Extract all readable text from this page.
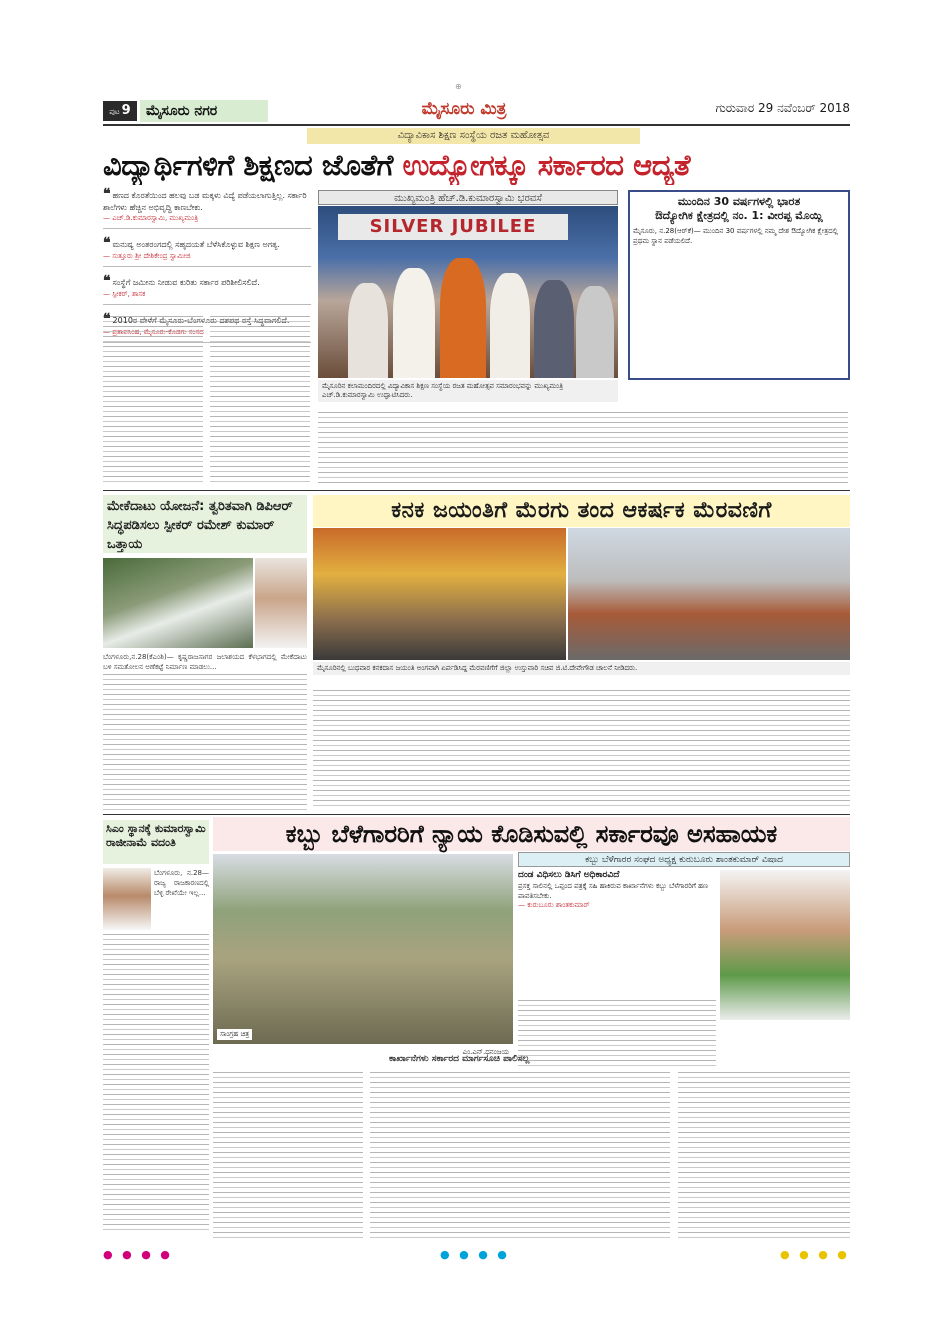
⊕
ಪುಟ 9	ಮೈಸೂರು ನಗರ	ಮೈಸೂರು ಮಿತ್ರ	ಗುರುವಾರ 29 ನವೆಂಬರ್ 2018
ವಿದ್ಯಾವಿಕಾಸ ಶಿಕ್ಷಣ ಸಂಸ್ಥೆಯ ರಜತ ಮಹೋತ್ಸವ
ವಿದ್ಯಾರ್ಥಿಗಳಿಗೆ ಶಿಕ್ಷಣದ ಜೊತೆಗೆ ಉದ್ಯೋಗಕ್ಕೂ ಸರ್ಕಾರದ ಆದ್ಯತೆ
❝ ಹಣದ ಕೊರತೆಯಿಂದ ಹಲವು ಬಡ ಮಕ್ಕಳು ವಿದ್ಯೆ ಪಡೆಯಲಾಗುತ್ತಿಲ್ಲ. ಸರ್ಕಾರಿ ಶಾಲೆಗಳು ಹೆಚ್ಚಿನ ಅಭಿವೃದ್ಧಿ ಕಾಣಬೇಕು.
— ಎಚ್.ಡಿ.ಕುಮಾರಸ್ವಾಮಿ, ಮುಖ್ಯಮಂತ್ರಿ
❝ ಮನುಷ್ಯ ಅಂತರಂಗದಲ್ಲಿ ಸಹೃದಯತೆ ಬೆಳೆಸಿಕೊಳ್ಳುವ ಶಿಕ್ಷಣ ಅಗತ್ಯ.
— ಸುತ್ತೂರು ಶ್ರೀ ದೇಶಿಕೇಂದ್ರ ಸ್ವಾಮೀಜಿ
❝ ಸಂಸ್ಥೆಗೆ ಜಮೀನು ನೀಡುವ ಕುರಿತು ಸರ್ಕಾರ ಪರಿಶೀಲಿಸಲಿದೆ.
— ಸ್ಪೀಕರ್, ಶಾಸಕ
❝ 2010ರ ವೇಳೆಗೆ ಮೈಸೂರು-ಬೆಂಗಳೂರು ದಶಪಥ ರಸ್ತೆ ಸಿದ್ಧವಾಗಲಿದೆ.
— ಪ್ರತಾಪಸಿಂಹ, ಮೈಸೂರು-ಕೊಡಗು ಸಂಸದ
ಮುಖ್ಯಮಂತ್ರಿ ಹೆಚ್.ಡಿ.ಕುಮಾರಸ್ವಾಮಿ ಭರವಸೆ
SILVER JUBILEE
ಮೈಸೂರಿನ ಕಲಾಮಂದಿರದಲ್ಲಿ ವಿದ್ಯಾವಿಕಾಸ ಶಿಕ್ಷಣ ಸಂಸ್ಥೆಯ ರಜತ ಮಹೋತ್ಸವ ಸಮಾರಂಭವನ್ನು ಮುಖ್ಯಮಂತ್ರಿ ಎಚ್.ಡಿ.ಕುಮಾರಸ್ವಾಮಿ ಉದ್ಘಾಟಿಸಿದರು.
ಮುಂದಿನ 30 ವರ್ಷಗಳಲ್ಲಿ ಭಾರತ
ಔದ್ಯೋಗಿಕ ಕ್ಷೇತ್ರದಲ್ಲಿ ನಂ. 1: ವೀರಪ್ಪ ಮೊಯ್ಲಿ
ಮೈಸೂರು, ನ.28(ಆರ್‌ಕೆ)— ಮುಂದಿನ 30 ವರ್ಷಗಳಲ್ಲಿ ನಮ್ಮ ದೇಶ ಔದ್ಯೋಗಿಕ ಕ್ಷೇತ್ರದಲ್ಲಿ ಪ್ರಥಮ ಸ್ಥಾನ ಪಡೆಯಲಿದೆ.
ಮೇಕೆದಾಟು ಯೋಜನೆ: ತ್ವರಿತವಾಗಿ ಡಿಪಿಆರ್ ಸಿದ್ಧಪಡಿಸಲು ಸ್ಪೀಕರ್ ರಮೇಶ್ ಕುಮಾರ್ ಒತ್ತಾಯ
ಬೆಂಗಳೂರು,ನ.28(ಕೆಎಂಶಿ)— ಕೃಷ್ಣರಾಜಸಾಗರ ಜಲಾಶಯದ ಕೆಳಭಾಗದಲ್ಲಿ ಮೇಕೆದಾಟು ಬಳಿ ಸಮತೋಲನ ಅಣೆಕಟ್ಟೆ ನಿರ್ಮಾಣ ಮಾಡಲು...
ಕನಕ ಜಯಂತಿಗೆ ಮೆರಗು ತಂದ ಆಕರ್ಷಕ ಮೆರವಣಿಗೆ
ಮೈಸೂರಿನಲ್ಲಿ ಬುಧವಾರ ಕನಕದಾಸ ಜಯಂತಿ ಅಂಗವಾಗಿ ಏರ್ಪಡಿಸಿದ್ದ ಮೆರವಣಿಗೆಗೆ ಜಿಲ್ಲಾ ಉಸ್ತುವಾರಿ ಸಚಿವ ಜಿ.ಟಿ.ದೇವೇಗೌಡ ಚಾಲನೆ ನೀಡಿದರು.
ಸಿಎಂ ಸ್ಥಾನಕ್ಕೆ ಕುಮಾರಸ್ವಾಮಿ ರಾಜೀನಾಮೆ ವದಂತಿ
ಬೆಂಗಳೂರು, ನ.28— ರಾಜ್ಯ ರಾಜಕಾರಣದಲ್ಲಿ ಬೆಳ್ಳಿ ರೇಖೆಯೇ ಇಲ್ಲ...
ಕಬ್ಬು ಬೆಳೆಗಾರರಿಗೆ ನ್ಯಾಯ ಕೊಡಿಸುವಲ್ಲಿ ಸರ್ಕಾರವೂ ಅಸಹಾಯಕ
ಸಾಂಗ್ರಹ ಚಿತ್ರ
ಎಂ.ಎನ್.ಧನಂಜಯ
ಕಬ್ಬು ಬೆಳೆಗಾರರ ಸಂಘದ ಅಧ್ಯಕ್ಷ ಕುರುಬೂರು ಶಾಂತಕುಮಾರ್ ವಿಷಾದ
ದಂಡ ವಿಧಿಸಲು ಡಿಸಿಗೆ ಅಧಿಕಾರವಿದೆ
ಪ್ರಸಕ್ತ ಸಾಲಿನಲ್ಲಿ ಒಪ್ಪಂದ ಪತ್ರಕ್ಕೆ ಸಹಿ ಹಾಕಿರುವ ಕಾರ್ಖಾನೆಗಳು ಕಬ್ಬು ಬೆಳೆಗಾರರಿಗೆ ಹಣ ಪಾವತಿಸಬೇಕು.
— ಕುರುಬೂರು ಶಾಂತಕುಮಾರ್
ಕಾರ್ಖಾನೆಗಳು ಸರ್ಕಾರದ ಮಾರ್ಗಸೂಚಿ ಪಾಲಿಸಲ್ಲ
● ● ● ●	● ● ● ●	● ● ● ●
